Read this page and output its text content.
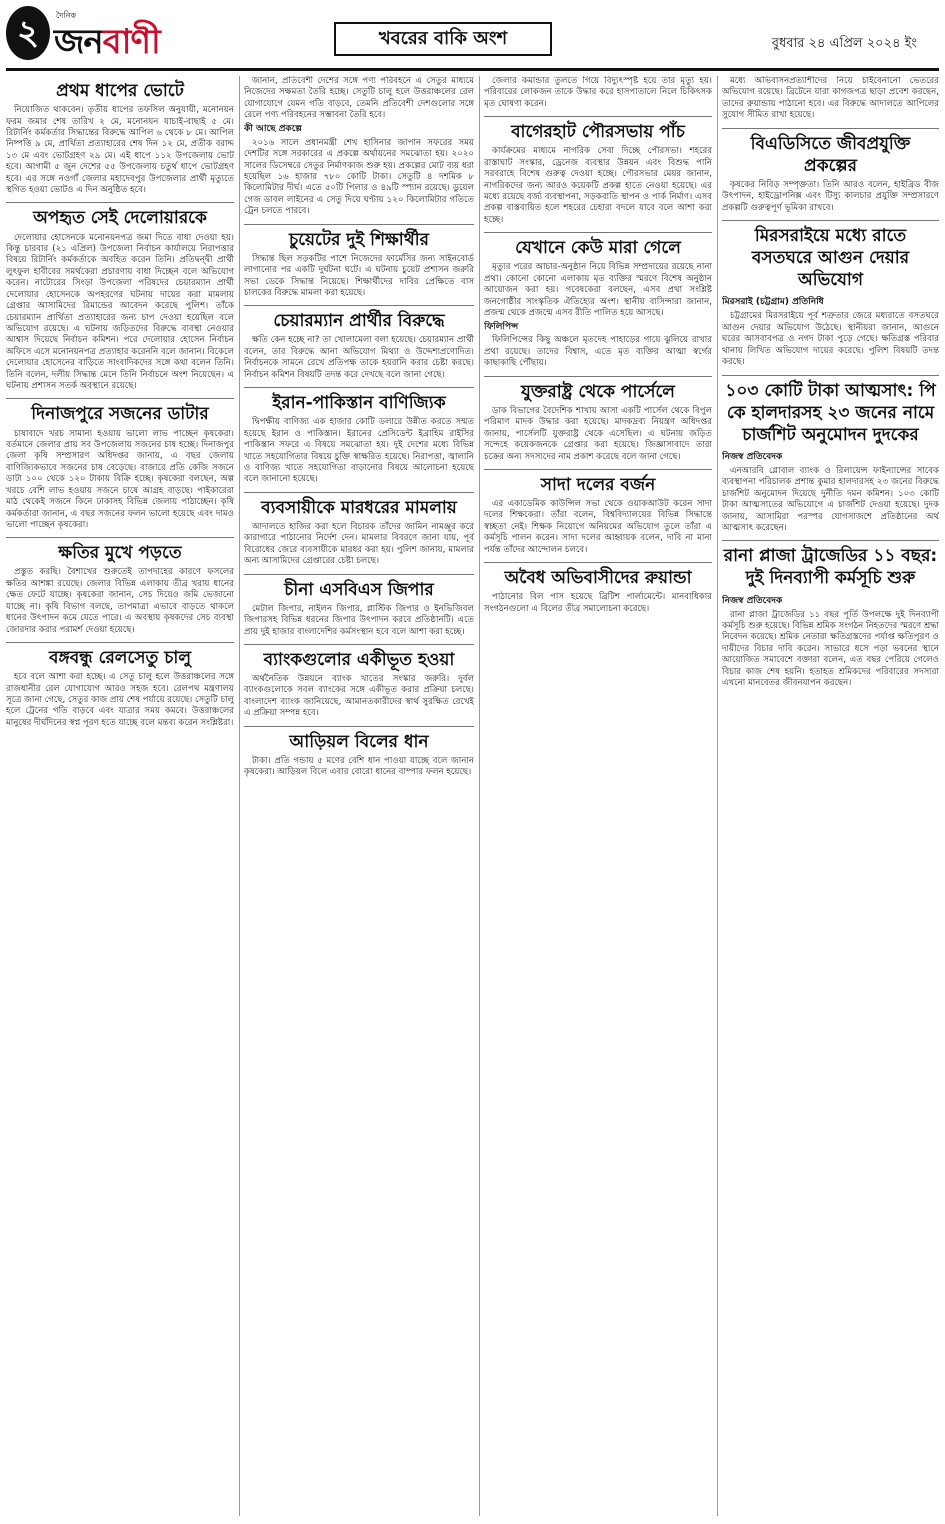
২	দৈনিক
জনবাণী	খবরের বাকি অংশ	বুধবার ২৪ এপ্রিল ২০২৪ ইং
প্রথম ধাপের ভোটে

নিয়োজিত থাকবেন। তৃতীয় ধাপের তফসিল অনুযায়ী, মনোনয়ন ফরম জমার শেষ তারিখ ২ মে, মনোনয়ন যাচাই-বাছাই ৫ মে। রিটার্নিং কর্মকর্তার সিদ্ধান্তের বিরুদ্ধে আপিল ৬ থেকে ৮ মে। আপিল নিষ্পত্তি ৯ মে, প্রার্থিতা প্রত্যাহারের শেষ দিন ১২ মে, প্রতীক বরাদ্দ ১৩ মে এবং ভোটগ্রহণ ২৯ মে। এই ধাপে ১১২ উপজেলায় ভোট হবে। আগামী ৫ জুন দেশের ৫৫ উপজেলায় চতুর্থ ধাপে ভোটগ্রহণ হবে। এর সঙ্গে নওগাঁ জেলার মহাদেবপুর উপজেলার প্রার্থী মৃত্যুতে স্থগিত হওয়া ভোটও এ দিন অনুষ্ঠিত হবে।

অপহৃত সেই দেলোয়ারকে

দেলোয়ার হোসেনকে মনোনয়নপত্র জমা দিতে বাধা দেওয়া হয়। কিন্তু চারবার (২১ এপ্রিল) উপজেলা নির্বাচন কার্যালয়ে নিরাপত্তার বিষয়ে রিটার্নিং কর্মকর্তাকে অবহিত করেন তিনি। প্রতিদ্বন্দ্বী প্রার্থী লুৎফুল হাবীবের সমর্থকেরা প্রচারণায় বাধা দিচ্ছেন বলে অভিযোগ করেন। নাটোরের সিংড়া উপজেলা পরিষদের চেয়ারম্যান প্রার্থী দেলোয়ার হোসেনকে অপহরণের ঘটনায় দায়ের করা মামলায় গ্রেপ্তার আসামিদের রিমান্ডের আবেদন করেছে পুলিশ। তাঁকে চেয়ারম্যান প্রার্থিতা প্রত্যাহারের জন্য চাপ দেওয়া হয়েছিল বলে অভিযোগ রয়েছে। এ ঘটনায় জড়িতদের বিরুদ্ধে ব্যবস্থা নেওয়ার আশ্বাস দিয়েছে নির্বাচন কমিশন। পরে দেলোয়ার হোসেন নির্বাচন অফিসে এসে মনোনয়নপত্র প্রত্যাহার করেননি বলে জানান। বিকেলে দেলোয়ার হোসেনের বাড়িতে সাংবাদিকদের সঙ্গে কথা বলেন তিনি। তিনি বলেন, দলীয় সিদ্ধান্ত মেনে তিনি নির্বাচনে অংশ নিয়েছেন। এ ঘটনায় প্রশাসন সতর্ক অবস্থানে রয়েছে।

দিনাজপুরে সজনের ডাটার

চাষাবাদে খরচ সামান্য হওয়ায় ভালো লাভ পাচ্ছেন কৃষকেরা। বর্তমানে জেলার প্রায় সব উপজেলায় সজনের চাষ হচ্ছে। দিনাজপুর জেলা কৃষি সম্প্রসারণ অধিদপ্তর জানায়, এ বছর জেলায় বাণিজ্যিকভাবে সজনের চাষ বেড়েছে। বাজারে প্রতি কেজি সজনে ডাটা ১০০ থেকে ১২০ টাকায় বিক্রি হচ্ছে। কৃষকেরা বলছেন, অল্প খরচে বেশি লাভ হওয়ায় সজনে চাষে আগ্রহ বাড়ছে। পাইকারেরা মাঠ থেকেই সজনে কিনে ঢাকাসহ বিভিন্ন জেলায় পাঠাচ্ছেন। কৃষি কর্মকর্তারা জানান, এ বছর সজনের ফলন ভালো হয়েছে এবং দামও ভালো পাচ্ছেন কৃষকেরা।

ক্ষতির মুখে পড়তে

প্রস্তুত করছি। বৈশাখের শুরুতেই তাপদাহের কারণে ফসলের ক্ষতির আশঙ্কা রয়েছে। জেলার বিভিন্ন এলাকায় তীব্র খরায় ধানের ক্ষেত ফেটে যাচ্ছে। কৃষকেরা জানান, সেচ দিয়েও জমি ভেজানো যাচ্ছে না। কৃষি বিভাগ বলছে, তাপমাত্রা এভাবে বাড়তে থাকলে ধানের উৎপাদন কমে যেতে পারে। এ অবস্থায় কৃষকদের সেচ ব্যবস্থা জোরদার করার পরামর্শ দেওয়া হয়েছে।

বঙ্গবন্ধু রেলসেতু চালু

হবে বলে আশা করা হচ্ছে। এ সেতু চালু হলে উত্তরাঞ্চলের সঙ্গে রাজধানীর রেল যোগাযোগ আরও সহজ হবে। রেলপথ মন্ত্রণালয় সূত্রে জানা গেছে, সেতুর কাজ প্রায় শেষ পর্যায়ে রয়েছে। সেতুটি চালু হলে ট্রেনের গতি বাড়বে এবং যাত্রার সময় কমবে। উত্তরাঞ্চলের মানুষের দীর্ঘদিনের স্বপ্ন পূরণ হতে যাচ্ছে বলে মন্তব্য করেন সংশ্লিষ্টরা।

জানান, প্রতিবেশী দেশের সঙ্গে পণ্য পরিবহনে এ সেতুর মাধ্যমে নিজেদের সক্ষমতা তৈরি হচ্ছে। সেতুটি চালু হলে উত্তরাঞ্চলের রেল যোগাযোগে যেমন গতি বাড়বে, তেমনি প্রতিবেশী দেশগুলোর সঙ্গে রেলে পণ্য পরিবহনের সম্ভাবনা তৈরি হবে।

কী আছে প্রকল্পে

২০১৬ সালে প্রধানমন্ত্রী শেখ হাসিনার জাপান সফরের সময় দেশটির সঙ্গে সরকারের এ প্রকল্পে অর্থায়নের সমঝোতা হয়। ২০২০ সালের ডিসেম্বরে সেতুর নির্মাণকাজ শুরু হয়। প্রকল্পের মোট ব্যয় ধরা হয়েছিল ১৬ হাজার ৭৮০ কোটি টাকা। সেতুটি ৪ দশমিক ৮ কিলোমিটার দীর্ঘ। এতে ৫০টি পিলার ও ৪৯টি স্প্যান রয়েছে। ডুয়েল গেজ ডাবল লাইনের এ সেতু দিয়ে ঘণ্টায় ১২০ কিলোমিটার গতিতে ট্রেন চলতে পারবে।

চুয়েটের দুই শিক্ষার্থীর

সিদ্ধান্ত ছিল সড়কটির পাশে নিজেদের ফার্মেসির জন্য সাইনবোর্ড লাগানোর পর একটি দুর্ঘটনা ঘটে। এ ঘটনায় চুয়েট প্রশাসন জরুরি সভা ডেকে সিদ্ধান্ত নিয়েছে। শিক্ষার্থীদের দাবির প্রেক্ষিতে বাস চালকের বিরুদ্ধে মামলা করা হয়েছে।

চেয়ারম্যান প্রার্থীর বিরুদ্ধে

ক্ষতি কেন হচ্ছে না? তা খোলামেলা বলা হয়েছে। চেয়ারম্যান প্রার্থী বলেন, তার বিরুদ্ধে আনা অভিযোগ মিথ্যা ও উদ্দেশ্যপ্রণোদিত। নির্বাচনকে সামনে রেখে প্রতিপক্ষ তাকে হয়রানি করার চেষ্টা করছে। নির্বাচন কমিশন বিষয়টি তদন্ত করে দেখছে বলে জানা গেছে।

ইরান-পাকিস্তান বাণিজ্যিক

দ্বিপক্ষীয় বাণিজ্য এক হাজার কোটি ডলারে উন্নীত করতে সম্মত হয়েছে ইরান ও পাকিস্তান। ইরানের প্রেসিডেন্ট ইব্রাহিম রাইসির পাকিস্তান সফরে এ বিষয়ে সমঝোতা হয়। দুই দেশের মধ্যে বিভিন্ন খাতে সহযোগিতার বিষয়ে চুক্তি স্বাক্ষরিত হয়েছে। নিরাপত্তা, জ্বালানি ও বাণিজ্য খাতে সহযোগিতা বাড়ানোর বিষয়ে আলোচনা হয়েছে বলে জানানো হয়েছে।

ব্যবসায়ীকে মারধরের মামলায়

আদালতে হাজির করা হলে বিচারক তাঁদের জামিন নামঞ্জুর করে কারাগারে পাঠানোর নির্দেশ দেন। মামলার বিবরণে জানা যায়, পূর্ব বিরোধের জেরে ব্যবসায়ীকে মারধর করা হয়। পুলিশ জানায়, মামলার অন্য আসামিদের গ্রেপ্তারের চেষ্টা চলছে।

চীনা এসবিএস জিপার

মেটাল জিপার, নাইলন জিপার, প্লাস্টিক জিপার ও ইনভিজিবল জিপারসহ বিভিন্ন ধরনের জিপার উৎপাদন করবে প্রতিষ্ঠানটি। এতে প্রায় দুই হাজার বাংলাদেশির কর্মসংস্থান হবে বলে আশা করা হচ্ছে।

ব্যাংকগুলোর একীভূত হওয়া

অর্থনৈতিক উন্নয়নে ব্যাংক খাতের সংস্কার জরুরি। দুর্বল ব্যাংকগুলোকে সবল ব্যাংকের সঙ্গে একীভূত করার প্রক্রিয়া চলছে। বাংলাদেশ ব্যাংক জানিয়েছে, আমানতকারীদের স্বার্থ সুরক্ষিত রেখেই এ প্রক্রিয়া সম্পন্ন হবে।

আড়িয়ল বিলের ধান

টাকা। প্রতি গন্ডায় ৫ মণের বেশি ধান পাওয়া যাচ্ছে বলে জানান কৃষকেরা। আড়িয়ল বিলে এবার বোরো ধানের বাম্পার ফলন হয়েছে।

জেলার কমান্ডার তুলতে গিয়ে বিদ্যুৎস্পৃষ্ট হয়ে তার মৃত্যু হয়। পরিবারের লোকজন তাকে উদ্ধার করে হাসপাতালে নিলে চিকিৎসক মৃত ঘোষণা করেন।

বাগেরহাট পৌরসভায় পাঁচ

কার্যক্রমের মাধ্যমে নাগরিক সেবা দিচ্ছে পৌরসভা। শহরের রাস্তাঘাট সংস্কার, ড্রেনেজ ব্যবস্থার উন্নয়ন এবং বিশুদ্ধ পানি সরবরাহে বিশেষ গুরুত্ব দেওয়া হচ্ছে। পৌরসভার মেয়র জানান, নাগরিকদের জন্য আরও কয়েকটি প্রকল্প হাতে নেওয়া হয়েছে। এর মধ্যে রয়েছে বর্জ্য ব্যবস্থাপনা, সড়কবাতি স্থাপন ও পার্ক নির্মাণ। এসব প্রকল্প বাস্তবায়িত হলে শহরের চেহারা বদলে যাবে বলে আশা করা হচ্ছে।

যেখানে কেউ মারা গেলে

মৃত্যুর পরের আচার-অনুষ্ঠান নিয়ে বিভিন্ন সম্প্রদায়ের রয়েছে নানা প্রথা। কোনো কোনো এলাকায় মৃত ব্যক্তির স্মরণে বিশেষ অনুষ্ঠান আয়োজন করা হয়। গবেষকেরা বলছেন, এসব প্রথা সংশ্লিষ্ট জনগোষ্ঠীর সাংস্কৃতিক ঐতিহ্যের অংশ। স্থানীয় বাসিন্দারা জানান, প্রজন্ম থেকে প্রজন্মে এসব রীতি পালিত হয়ে আসছে।

ফিলিপিন্স

ফিলিপিন্সের কিছু অঞ্চলে মৃতদেহ পাহাড়ের গায়ে ঝুলিয়ে রাখার প্রথা রয়েছে। তাদের বিশ্বাস, এতে মৃত ব্যক্তির আত্মা স্বর্গের কাছাকাছি পৌঁছায়।

যুক্তরাষ্ট্র থেকে পার্সেলে

ডাক বিভাগের বৈদেশিক শাখায় আসা একটি পার্সেল থেকে বিপুল পরিমাণ মাদক উদ্ধার করা হয়েছে। মাদকদ্রব্য নিয়ন্ত্রণ অধিদপ্তর জানায়, পার্সেলটি যুক্তরাষ্ট্র থেকে এসেছিল। এ ঘটনায় জড়িত সন্দেহে কয়েকজনকে গ্রেপ্তার করা হয়েছে। জিজ্ঞাসাবাদে তারা চক্রের অন্য সদস্যদের নাম প্রকাশ করেছে বলে জানা গেছে।

সাদা দলের বর্জন

এর একাডেমিক কাউন্সিল সভা থেকে ওয়াকআউট করেন সাদা দলের শিক্ষকেরা। তাঁরা বলেন, বিশ্ববিদ্যালয়ের বিভিন্ন সিদ্ধান্তে স্বচ্ছতা নেই। শিক্ষক নিয়োগে অনিয়মের অভিযোগ তুলে তাঁরা এ কর্মসূচি পালন করেন। সাদা দলের আহ্বায়ক বলেন, দাবি না মানা পর্যন্ত তাঁদের আন্দোলন চলবে।

অবৈধ অভিবাসীদের রুয়ান্ডা

পাঠানোর বিল পাস হয়েছে ব্রিটিশ পার্লামেন্টে। মানবাধিকার সংগঠনগুলো এ বিলের তীব্র সমালোচনা করেছে।

মধ্যে অভিবাসনপ্রত্যাশীদের নিয়ে চাইবেনানো ভেতরের অভিযোগ রয়েছে। ব্রিটেনে যারা কাগজপত্র ছাড়া প্রবেশ করছেন, তাদের রুয়ান্ডায় পাঠানো হবে। এর বিরুদ্ধে আদালতে আপিলের সুযোগ সীমিত রাখা হয়েছে।

বিএডিসিতে জীবপ্রযুক্তি প্রকল্পের

কৃষকের নিবিড় সম্পৃক্ততা। তিনি আরও বলেন, হাইব্রিড বীজ উৎপাদন, হাইড্রোপনিক্স এবং টিস্যু কালচার প্রযুক্তি সম্প্রসারণে প্রকল্পটি গুরুত্বপূর্ণ ভূমিকা রাখবে।

মিরসরাইয়ে মধ্যে রাতে বসতঘরে আগুন দেয়ার অভিযোগ
মিরসরাই (চট্টগ্রাম) প্রতিনিধি

চট্টগ্রামের মিরসরাইয়ে পূর্ব শত্রুতার জেরে মধ্যরাতে বসতঘরে আগুন দেয়ার অভিযোগ উঠেছে। স্থানীয়রা জানান, আগুনে ঘরের আসবাবপত্র ও নগদ টাকা পুড়ে গেছে। ক্ষতিগ্রস্ত পরিবার থানায় লিখিত অভিযোগ দায়ের করেছে। পুলিশ বিষয়টি তদন্ত করছে।

১০৩ কোটি টাকা আত্মসাৎ: পি কে হালদারসহ ২৩ জনের নামে চার্জশিট অনুমোদন দুদকের
নিজস্ব প্রতিবেদক

এনআরবি গ্লোবাল ব্যাংক ও রিলায়েন্স ফাইন্যান্সের সাবেক ব্যবস্থাপনা পরিচালক প্রশান্ত কুমার হালদারসহ ২৩ জনের বিরুদ্ধে চার্জশিট অনুমোদন দিয়েছে দুর্নীতি দমন কমিশন। ১০৩ কোটি টাকা আত্মসাতের অভিযোগে এ চার্জশিট দেওয়া হয়েছে। দুদক জানায়, আসামিরা পরস্পর যোগসাজশে প্রতিষ্ঠানের অর্থ আত্মসাৎ করেছেন।

রানা প্লাজা ট্রাজেডির ১১ বছর: দুই দিনব্যাপী কর্মসূচি শুরু
নিজস্ব প্রতিবেদক

রানা প্লাজা ট্রাজেডির ১১ বছর পূর্তি উপলক্ষে দুই দিনব্যাপী কর্মসূচি শুরু হয়েছে। বিভিন্ন শ্রমিক সংগঠন নিহতদের স্মরণে শ্রদ্ধা নিবেদন করেছে। শ্রমিক নেতারা ক্ষতিগ্রস্তদের পর্যাপ্ত ক্ষতিপূরণ ও দায়ীদের বিচার দাবি করেন। সাভারে ধসে পড়া ভবনের স্থানে আয়োজিত সমাবেশে বক্তারা বলেন, এত বছর পেরিয়ে গেলেও বিচার কাজ শেষ হয়নি। হতাহত শ্রমিকদের পরিবারের সদস্যরা এখনো মানবেতর জীবনযাপন করছেন।
